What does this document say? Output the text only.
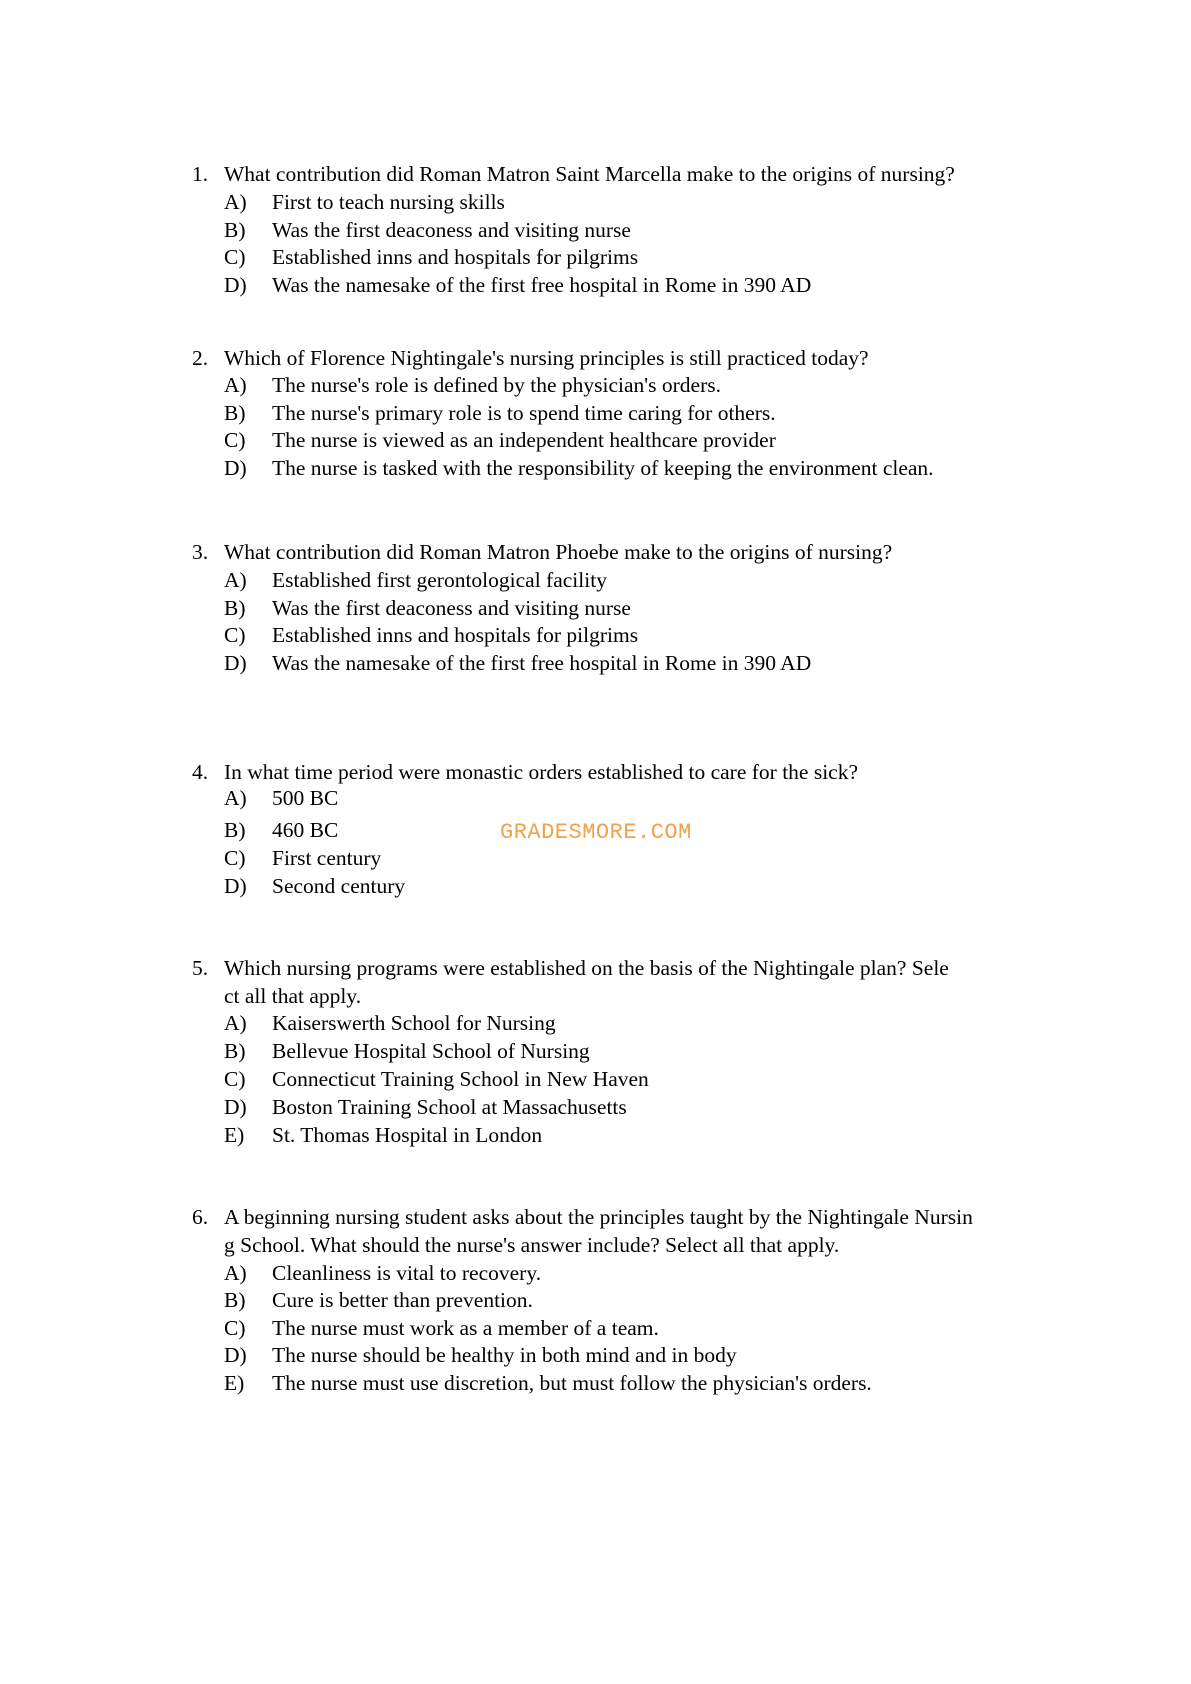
1. What contribution did Roman Matron Saint Marcella make to the origins of nursing?
A) First to teach nursing skills
B) Was the first deaconess and visiting nurse
C) Established inns and hospitals for pilgrims
D) Was the namesake of the first free hospital in Rome in 390 AD
2. Which of Florence Nightingale's nursing principles is still practiced today?
A) The nurse's role is defined by the physician's orders.
B) The nurse's primary role is to spend time caring for others.
C) The nurse is viewed as an independent healthcare provider
D) The nurse is tasked with the responsibility of keeping the environment clean.
3. What contribution did Roman Matron Phoebe make to the origins of nursing?
A) Established first gerontological facility
B) Was the first deaconess and visiting nurse
C) Established inns and hospitals for pilgrims
D) Was the namesake of the first free hospital in Rome in 390 AD
4. In what time period were monastic orders established to care for the sick?
A) 500 BC
B) 460 BC
C) First century
D) Second century
5. Which nursing programs were established on the basis of the Nightingale plan? Sele
ct all that apply.
A) Kaiserswerth School for Nursing
B) Bellevue Hospital School of Nursing
C) Connecticut Training School in New Haven
D) Boston Training School at Massachusetts
E) St. Thomas Hospital in London
6. A beginning nursing student asks about the principles taught by the Nightingale Nursin
g School. What should the nurse's answer include? Select all that apply.
A) Cleanliness is vital to recovery.
B) Cure is better than prevention.
C) The nurse must work as a member of a team.
D) The nurse should be healthy in both mind and in body
E) The nurse must use discretion, but must follow the physician's orders.
GRADESMORE.COM
